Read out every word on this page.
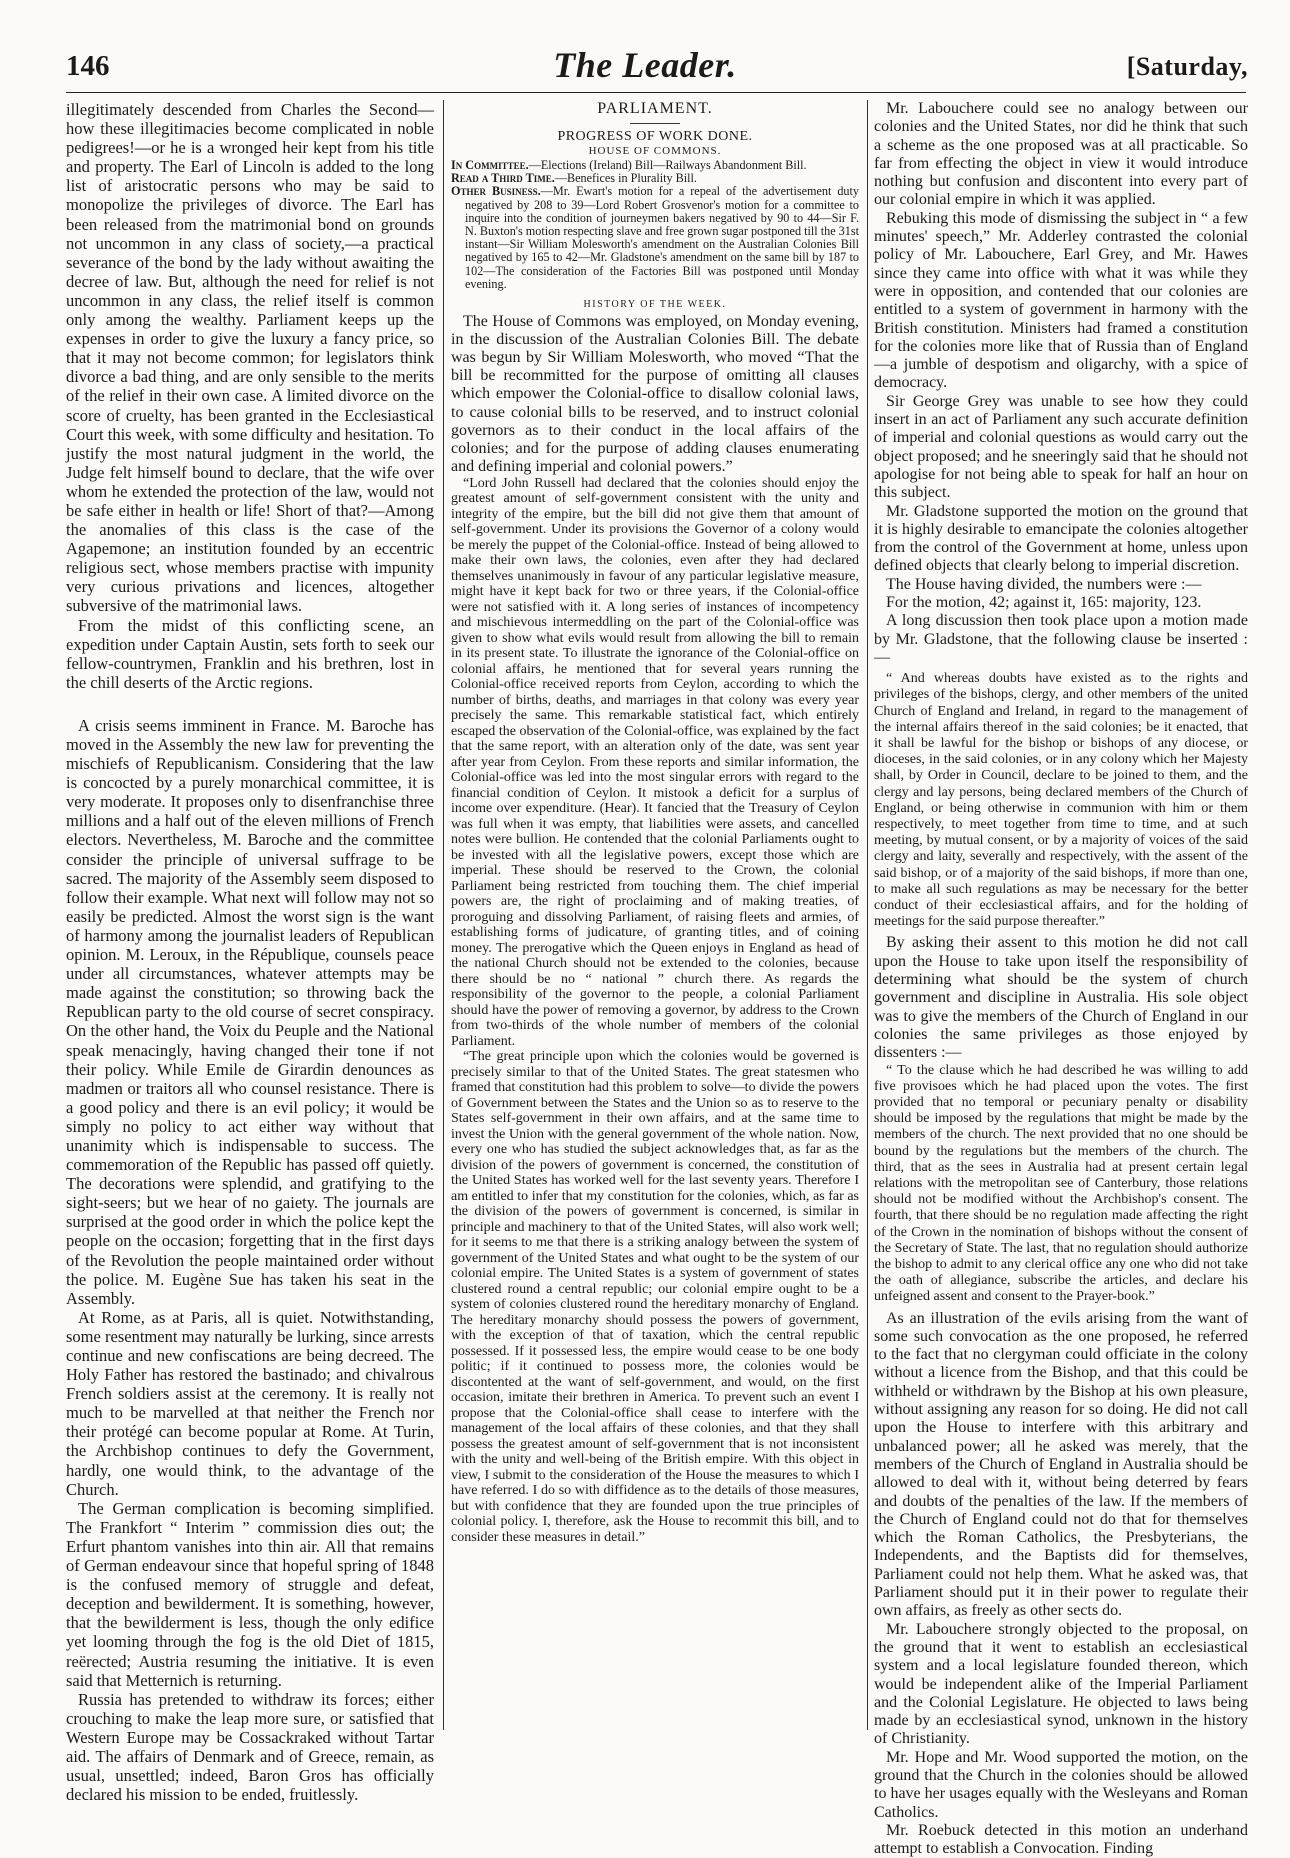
146	The Leader.	[Saturday,

illegitimately descended from Charles the Second—how these illegitimacies become complicated in noble pedigrees!—or he is a wronged heir kept from his title and property. The Earl of Lincoln is added to the long list of aristocratic persons who may be said to monopolize the privileges of divorce. The Earl has been released from the matrimonial bond on grounds not uncommon in any class of society,—a practical severance of the bond by the lady without awaiting the decree of law. But, although the need for relief is not uncommon in any class, the relief itself is common only among the wealthy. Parliament keeps up the expenses in order to give the luxury a fancy price, so that it may not become common; for legislators think divorce a bad thing, and are only sensible to the merits of the relief in their own case. A limited divorce on the score of cruelty, has been granted in the Ecclesiastical Court this week, with some difficulty and hesitation. To justify the most natural judgment in the world, the Judge felt himself bound to declare, that the wife over whom he extended the protection of the law, would not be safe either in health or life! Short of that?—Among the anomalies of this class is the case of the Agapemone; an institution founded by an eccentric religious sect, whose members practise with impunity very curious privations and licences, altogether subversive of the matrimonial laws.

From the midst of this conflicting scene, an expedition under Captain Austin, sets forth to seek our fellow-countrymen, Franklin and his brethren, lost in the chill deserts of the Arctic regions.

A crisis seems imminent in France. M. Baroche has moved in the Assembly the new law for preventing the mischiefs of Republicanism. Considering that the law is concocted by a purely monarchical committee, it is very moderate. It proposes only to disenfranchise three millions and a half out of the eleven millions of French electors. Nevertheless, M. Baroche and the committee consider the principle of universal suffrage to be sacred. The majority of the Assembly seem disposed to follow their example. What next will follow may not so easily be predicted. Almost the worst sign is the want of harmony among the journalist leaders of Republican opinion. M. Leroux, in the République, counsels peace under all circumstances, whatever attempts may be made against the constitution; so throwing back the Republican party to the old course of secret conspiracy. On the other hand, the Voix du Peuple and the National speak menacingly, having changed their tone if not their policy. While Emile de Girardin denounces as madmen or traitors all who counsel resistance. There is a good policy and there is an evil policy; it would be simply no policy to act either way without that unanimity which is indispensable to success. The commemoration of the Republic has passed off quietly. The decorations were splendid, and gratifying to the sight-seers; but we hear of no gaiety. The journals are surprised at the good order in which the police kept the people on the occasion; forgetting that in the first days of the Revolution the people maintained order without the police. M. Eugène Sue has taken his seat in the Assembly.

At Rome, as at Paris, all is quiet. Notwithstanding, some resentment may naturally be lurking, since arrests continue and new confiscations are being decreed. The Holy Father has restored the bastinado; and chivalrous French soldiers assist at the ceremony. It is really not much to be marvelled at that neither the French nor their protégé can become popular at Rome. At Turin, the Archbishop continues to defy the Government, hardly, one would think, to the advantage of the Church.

The German complication is becoming simplified. The Frankfort “ Interim ” commission dies out; the Erfurt phantom vanishes into thin air. All that remains of German endeavour since that hopeful spring of 1848 is the confused memory of struggle and defeat, deception and bewilderment. It is something, however, that the bewilderment is less, though the only edifice yet looming through the fog is the old Diet of 1815, reërected; Austria resuming the initiative. It is even said that Metternich is returning.

Russia has pretended to withdraw its forces; either crouching to make the leap more sure, or satisfied that Western Europe may be Cossackraked without Tartar aid. The affairs of Denmark and of Greece, remain, as usual, unsettled; indeed, Baron Gros has officially declared his mission to be ended, fruitlessly.

PARLIAMENT.
PROGRESS OF WORK DONE.
HOUSE OF COMMONS.

In Committee.—Elections (Ireland) Bill—Railways Abandonment Bill.

Read a Third Time.—Benefices in Plurality Bill.

Other Business.—Mr. Ewart's motion for a repeal of the advertisement duty negatived by 208 to 39—Lord Robert Grosvenor's motion for a committee to inquire into the condition of journeymen bakers negatived by 90 to 44—Sir F. N. Buxton's motion respecting slave and free grown sugar postponed till the 31st instant—Sir William Molesworth's amendment on the Australian Colonies Bill negatived by 165 to 42—Mr. Gladstone's amendment on the same bill by 187 to 102—The consideration of the Factories Bill was postponed until Monday evening.

HISTORY OF THE WEEK.

The House of Commons was employed, on Monday evening, in the discussion of the Australian Colonies Bill. The debate was begun by Sir William Molesworth, who moved “That the bill be recommitted for the purpose of omitting all clauses which empower the Colonial-office to disallow colonial laws, to cause colonial bills to be reserved, and to instruct colonial governors as to their conduct in the local affairs of the colonies; and for the purpose of adding clauses enumerating and defining imperial and colonial powers.”

“Lord John Russell had declared that the colonies should enjoy the greatest amount of self-government consistent with the unity and integrity of the empire, but the bill did not give them that amount of self-government. Under its provisions the Governor of a colony would be merely the puppet of the Colonial-office. Instead of being allowed to make their own laws, the colonies, even after they had declared themselves unanimously in favour of any particular legislative measure, might have it kept back for two or three years, if the Colonial-office were not satisfied with it. A long series of instances of incompetency and mischievous intermeddling on the part of the Colonial-office was given to show what evils would result from allowing the bill to remain in its present state. To illustrate the ignorance of the Colonial-office on colonial affairs, he mentioned that for several years running the Colonial-office received reports from Ceylon, according to which the number of births, deaths, and marriages in that colony was every year precisely the same. This remarkable statistical fact, which entirely escaped the observation of the Colonial-office, was explained by the fact that the same report, with an alteration only of the date, was sent year after year from Ceylon. From these reports and similar information, the Colonial-office was led into the most singular errors with regard to the financial condition of Ceylon. It mistook a deficit for a surplus of income over expenditure. (Hear). It fancied that the Treasury of Ceylon was full when it was empty, that liabilities were assets, and cancelled notes were bullion. He contended that the colonial Parliaments ought to be invested with all the legislative powers, except those which are imperial. These should be reserved to the Crown, the colonial Parliament being restricted from touching them. The chief imperial powers are, the right of proclaiming and of making treaties, of proroguing and dissolving Parliament, of raising fleets and armies, of establishing forms of judicature, of granting titles, and of coining money. The prerogative which the Queen enjoys in England as head of the national Church should not be extended to the colonies, because there should be no “ national ” church there. As regards the responsibility of the governor to the people, a colonial Parliament should have the power of removing a governor, by address to the Crown from two-thirds of the whole number of members of the colonial Parliament.

“The great principle upon which the colonies would be governed is precisely similar to that of the United States. The great statesmen who framed that constitution had this problem to solve—to divide the powers of Government between the States and the Union so as to reserve to the States self-government in their own affairs, and at the same time to invest the Union with the general government of the whole nation. Now, every one who has studied the subject acknowledges that, as far as the division of the powers of government is concerned, the constitution of the United States has worked well for the last seventy years. Therefore I am entitled to infer that my constitution for the colonies, which, as far as the division of the powers of government is concerned, is similar in principle and machinery to that of the United States, will also work well; for it seems to me that there is a striking analogy between the system of government of the United States and what ought to be the system of our colonial empire. The United States is a system of government of states clustered round a central republic; our colonial empire ought to be a system of colonies clustered round the hereditary monarchy of England. The hereditary monarchy should possess the powers of government, with the exception of that of taxation, which the central republic possessed. If it possessed less, the empire would cease to be one body politic; if it continued to possess more, the colonies would be discontented at the want of self-government, and would, on the first occasion, imitate their brethren in America. To prevent such an event I propose that the Colonial-office shall cease to interfere with the management of the local affairs of these colonies, and that they shall possess the greatest amount of self-government that is not inconsistent with the unity and well-being of the British empire. With this object in view, I submit to the consideration of the House the measures to which I have referred. I do so with diffidence as to the details of those measures, but with confidence that they are founded upon the true principles of colonial policy. I, therefore, ask the House to recommit this bill, and to consider these measures in detail.”

Mr. Labouchere could see no analogy between our colonies and the United States, nor did he think that such a scheme as the one proposed was at all practicable. So far from effecting the object in view it would introduce nothing but confusion and discontent into every part of our colonial empire in which it was applied.

Rebuking this mode of dismissing the subject in “ a few minutes' speech,” Mr. Adderley contrasted the colonial policy of Mr. Labouchere, Earl Grey, and Mr. Hawes since they came into office with what it was while they were in opposition, and contended that our colonies are entitled to a system of government in harmony with the British constitution. Ministers had framed a constitution for the colonies more like that of Russia than of England—a jumble of despotism and oligarchy, with a spice of democracy.

Sir George Grey was unable to see how they could insert in an act of Parliament any such accurate definition of imperial and colonial questions as would carry out the object proposed; and he sneeringly said that he should not apologise for not being able to speak for half an hour on this subject.

Mr. Gladstone supported the motion on the ground that it is highly desirable to emancipate the colonies altogether from the control of the Government at home, unless upon defined objects that clearly belong to imperial discretion.

The House having divided, the numbers were :—

For the motion, 42; against it, 165: majority, 123.

A long discussion then took place upon a motion made by Mr. Gladstone, that the following clause be inserted :—

“ And whereas doubts have existed as to the rights and privileges of the bishops, clergy, and other members of the united Church of England and Ireland, in regard to the management of the internal affairs thereof in the said colonies; be it enacted, that it shall be lawful for the bishop or bishops of any diocese, or dioceses, in the said colonies, or in any colony which her Majesty shall, by Order in Council, declare to be joined to them, and the clergy and lay persons, being declared members of the Church of England, or being otherwise in communion with him or them respectively, to meet together from time to time, and at such meeting, by mutual consent, or by a majority of voices of the said clergy and laity, severally and respectively, with the assent of the said bishop, or of a majority of the said bishops, if more than one, to make all such regulations as may be necessary for the better conduct of their ecclesiastical affairs, and for the holding of meetings for the said purpose thereafter.”

By asking their assent to this motion he did not call upon the House to take upon itself the responsibility of determining what should be the system of church government and discipline in Australia. His sole object was to give the members of the Church of England in our colonies the same privileges as those enjoyed by dissenters :—

“ To the clause which he had described he was willing to add five provisoes which he had placed upon the votes. The first provided that no temporal or pecuniary penalty or disability should be imposed by the regulations that might be made by the members of the church. The next provided that no one should be bound by the regulations but the members of the church. The third, that as the sees in Australia had at present certain legal relations with the metropolitan see of Canterbury, those relations should not be modified without the Archbishop's consent. The fourth, that there should be no regulation made affecting the right of the Crown in the nomination of bishops without the consent of the Secretary of State. The last, that no regulation should authorize the bishop to admit to any clerical office any one who did not take the oath of allegiance, subscribe the articles, and declare his unfeigned assent and consent to the Prayer-book.”

As an illustration of the evils arising from the want of some such convocation as the one proposed, he referred to the fact that no clergyman could officiate in the colony without a licence from the Bishop, and that this could be withheld or withdrawn by the Bishop at his own pleasure, without assigning any reason for so doing. He did not call upon the House to interfere with this arbitrary and unbalanced power; all he asked was merely, that the members of the Church of England in Australia should be allowed to deal with it, without being deterred by fears and doubts of the penalties of the law. If the members of the Church of England could not do that for themselves which the Roman Catholics, the Presbyterians, the Independents, and the Baptists did for themselves, Parliament could not help them. What he asked was, that Parliament should put it in their power to regulate their own affairs, as freely as other sects do.

Mr. Labouchere strongly objected to the proposal, on the ground that it went to establish an ecclesiastical system and a local legislature founded thereon, which would be independent alike of the Imperial Parliament and the Colonial Legislature. He objected to laws being made by an ecclesiastical synod, unknown in the history of Christianity.

Mr. Hope and Mr. Wood supported the motion, on the ground that the Church in the colonies should be allowed to have her usages equally with the Wesleyans and Roman Catholics.

Mr. Roebuck detected in this motion an underhand attempt to establish a Convocation. Finding
